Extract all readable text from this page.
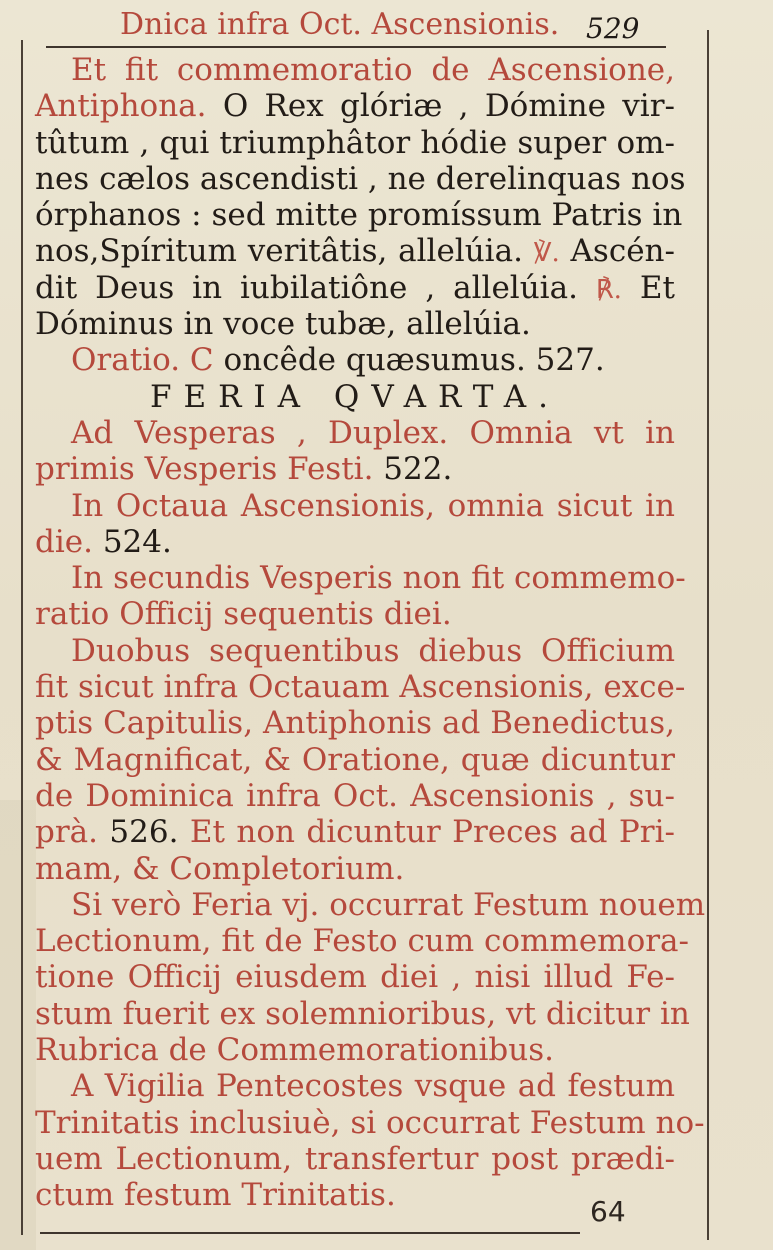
Dnica infra Oct. Ascensionis. 529
Et fit commemoratio de Ascensione,
Antiphona. O Rex glóriæ , Dómine vir-
tûtum , qui triumphâtor hódie super om-
nes cælos ascendisti , ne derelinquas nos
órphanos : sed mitte promíssum Patris in
nos,Spíritum veritâtis, allelúia. ℣. Ascén-
dit Deus in iubilatiône , allelúia. ℟. Et
Dóminus in voce tubæ, allelúia.
Oratio. C oncêde quæsumus. 527.
FERIA QVARTA.
Ad Vesperas , Duplex. Omnia vt in
primis Vesperis Festi. 522.
In Octaua Ascensionis, omnia sicut in
die. 524.
In secundis Vesperis non fit commemo-
ratio Officij sequentis diei.
Duobus sequentibus diebus Officium
fit sicut infra Octauam Ascensionis, exce-
ptis Capitulis, Antiphonis ad Benedictus,
& Magnificat, & Oratione, quæ dicuntur
de Dominica infra Oct. Ascensionis , su-
prà. 526. Et non dicuntur Preces ad Pri-
mam, & Completorium.
Si verò Feria vj. occurrat Festum nouem
Lectionum, fit de Festo cum commemora-
tione Officij eiusdem diei , nisi illud Fe-
stum fuerit ex solemnioribus, vt dicitur in
Rubrica de Commemorationibus.
A Vigilia Pentecostes vsque ad festum
Trinitatis inclusiuè, si occurrat Festum no-
uem Lectionum, transfertur post prædi-
ctum festum Trinitatis.	64
